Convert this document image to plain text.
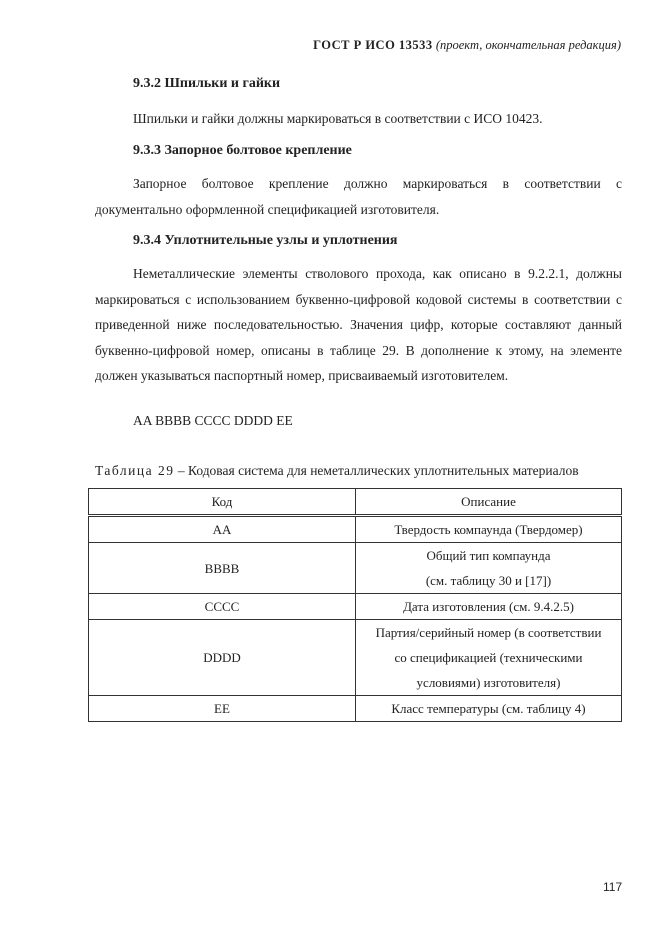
ГОСТ Р ИСО 13533 (проект, окончательная редакция)
9.3.2 Шпильки и гайки

Шпильки и гайки должны маркироваться в соответствии с ИСО 10423.

9.3.3 Запорное болтовое крепление

Запорное болтовое крепление должно маркироваться в соответствии с документально оформленной спецификацией изготовителя.

9.3.4 Уплотнительные узлы и уплотнения

Неметаллические элементы стволового прохода, как описано в 9.2.2.1, должны маркироваться с использованием буквенно-цифровой кодовой системы в соответствии с приведенной ниже последовательностью. Значения цифр, которые составляют данный буквенно-цифровой номер, описаны в таблице 29. В дополнение к этому, на элементе должен указываться паспортный номер, присваиваемый изготовителем.

AA BBBB CCCC DDDD EE
Таблица 29 – Кодовая система для неметаллических уплотнительных материалов
Код	Описание
AA	Твердость компаунда (Твердомер)

BBBB	Общий тип компаунда
(см. таблицу 30 и [17])

CCCC	Дата изготовления (см. 9.4.2.5)

DDDD	Партия/серийный номер (в соответствии
со спецификацией (техническими
условиями) изготовителя)

EE	Класс температуры (см. таблицу 4)
117
